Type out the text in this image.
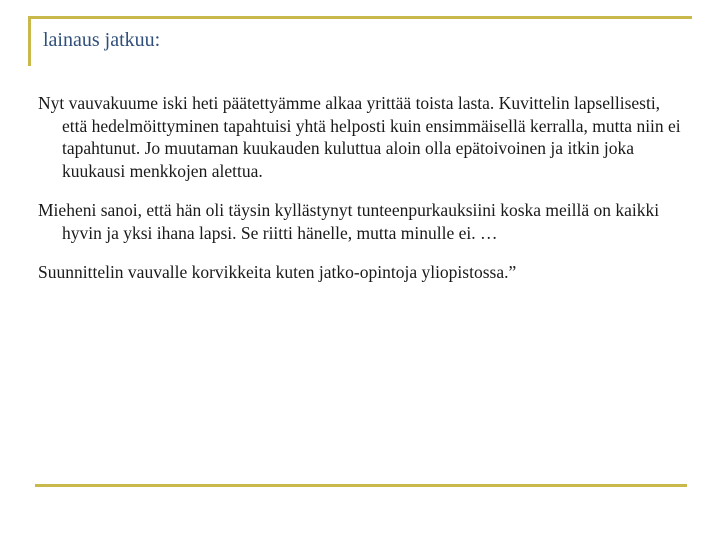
lainaus jatkuu:

Nyt vauvakuume iski heti päätettyämme alkaa yrittää toista lasta. Kuvittelin lapsellisesti, että hedelmöittyminen tapahtuisi yhtä helposti kuin ensimmäisellä kerralla, mutta niin ei tapahtunut. Jo muutaman kuukauden kuluttua aloin olla epätoivoinen ja itkin joka kuukausi menkkojen alettua.

Mieheni sanoi, että hän oli täysin kyllästynyt tunteenpurkauksiini koska meillä on kaikki hyvin ja yksi ihana lapsi. Se riitti hänelle, mutta minulle ei. …

Suunnittelin vauvalle korvikkeita kuten jatko-opintoja yliopistossa.”
